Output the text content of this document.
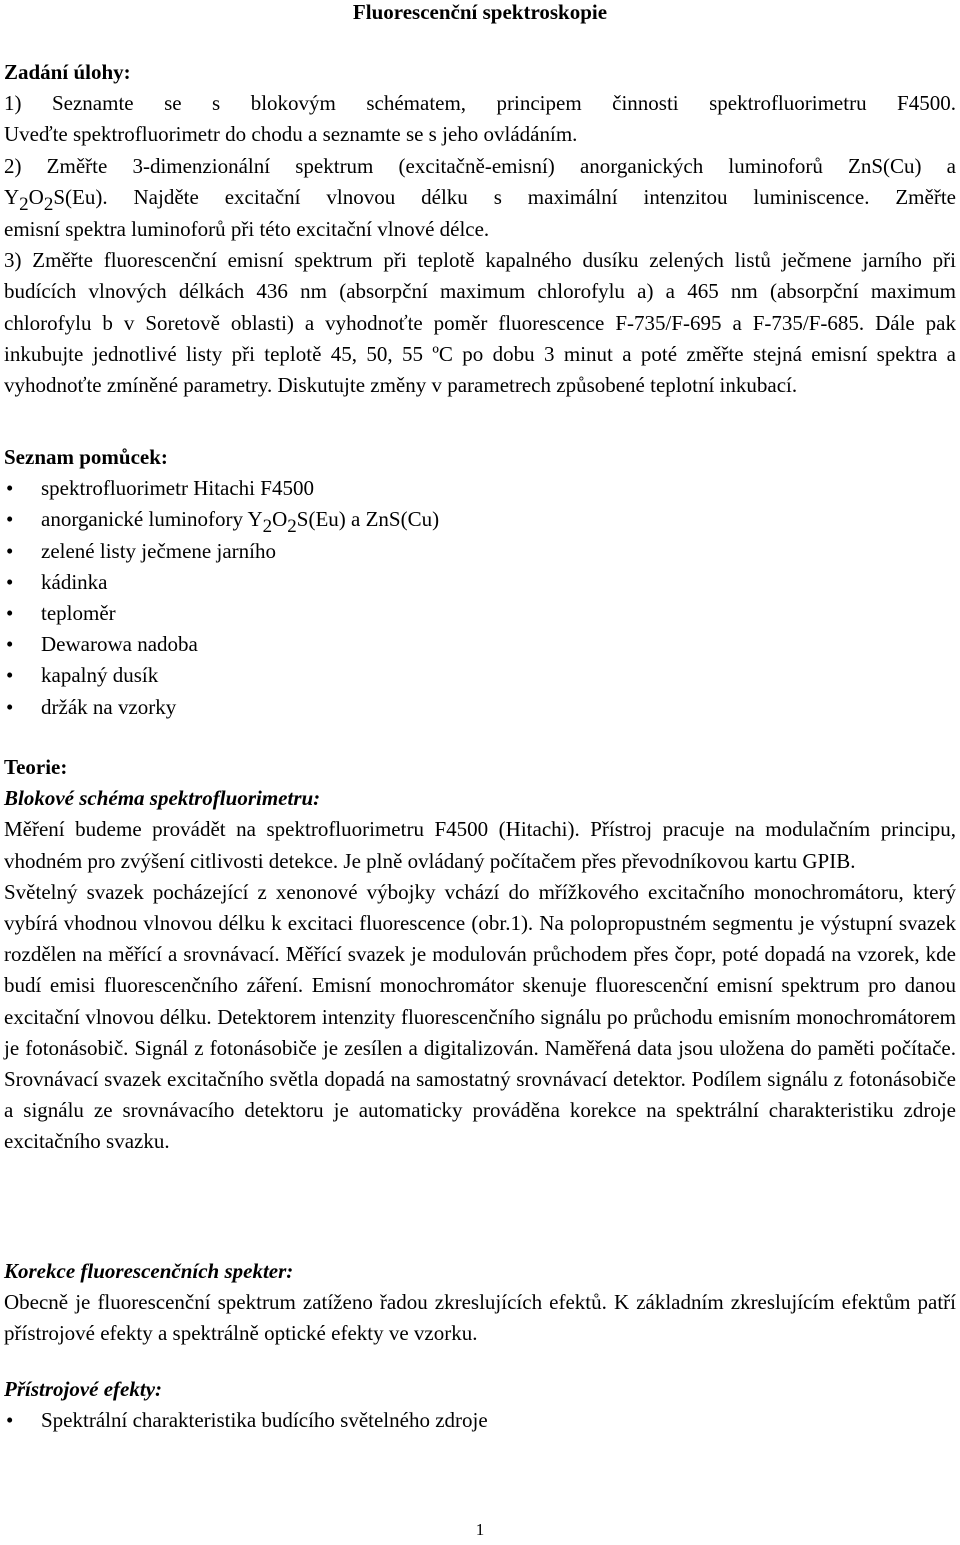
Fluorescenční spektroskopie

Zadání úlohy:

1) Seznamte se s blokovým schématem, principem činnosti spektrofluorimetru F4500.

Uveďte spektrofluorimetr do chodu a seznamte se s jeho ovládáním.

2) Změřte 3-dimenzionální spektrum (excitačně-emisní) anorganických luminoforů ZnS(Cu) a

Y2O2S(Eu). Najděte excitační vlnovou délku s maximální intenzitou luminiscence. Změřte

emisní spektra luminoforů při této excitační vlnové délce.

3) Změřte fluorescenční emisní spektrum při teplotě kapalného dusíku zelených listů ječmene jarního při budících vlnových délkách 436 nm (absorpční maximum chlorofylu a) a 465 nm (absorpční maximum chlorofylu b v Soretově oblasti) a vyhodnoťte poměr fluorescence F-735/F-695 a F-735/F-685. Dále pak inkubujte jednotlivé listy při teplotě 45, 50, 55 ºC po dobu 3 minut a poté změřte stejná emisní spektra a vyhodnoťte zmíněné parametry. Diskutujte změny v parametrech způsobené teplotní inkubací.

Seznam pomůcek:

• spektrofluorimetr Hitachi F4500
• anorganické luminofory Y2O2S(Eu) a ZnS(Cu)
• zelené listy ječmene jarního
• kádinka
• teploměr
• Dewarowa nadoba
• kapalný dusík
• držák na vzorky

Teorie:

Blokové schéma spektrofluorimetru:

Měření budeme provádět na spektrofluorimetru F4500 (Hitachi). Přístroj pracuje na modulačním principu, vhodném pro zvýšení citlivosti detekce. Je plně ovládaný počítačem přes převodníkovou kartu GPIB.

Světelný svazek pocházející z xenonové výbojky vchází do mřížkového excitačního monochromátoru, který vybírá vhodnou vlnovou délku k excitaci fluorescence (obr.1). Na polopropustném segmentu je výstupní svazek rozdělen na měřící a srovnávací. Měřící svazek je modulován průchodem přes čopr, poté dopadá na vzorek, kde budí emisi fluorescenčního záření. Emisní monochromátor skenuje fluorescenční emisní spektrum pro danou excitační vlnovou délku. Detektorem intenzity fluorescenčního signálu po průchodu emisním monochromátorem je fotonásobič. Signál z fotonásobiče je zesílen a digitalizován. Naměřená data jsou uložena do paměti počítače. Srovnávací svazek excitačního světla dopadá na samostatný srovnávací detektor. Podílem signálu z fotonásobiče a signálu ze srovnávacího detektoru je automaticky prováděna korekce na spektrální charakteristiku zdroje excitačního svazku.

Korekce fluorescenčních spekter:

Obecně je fluorescenční spektrum zatíženo řadou zkreslujících efektů. K základním zkreslujícím efektům patří přístrojové efekty a spektrálně optické efekty ve vzorku.

Přístrojové efekty:

• Spektrální charakteristika budícího světelného zdroje
1
